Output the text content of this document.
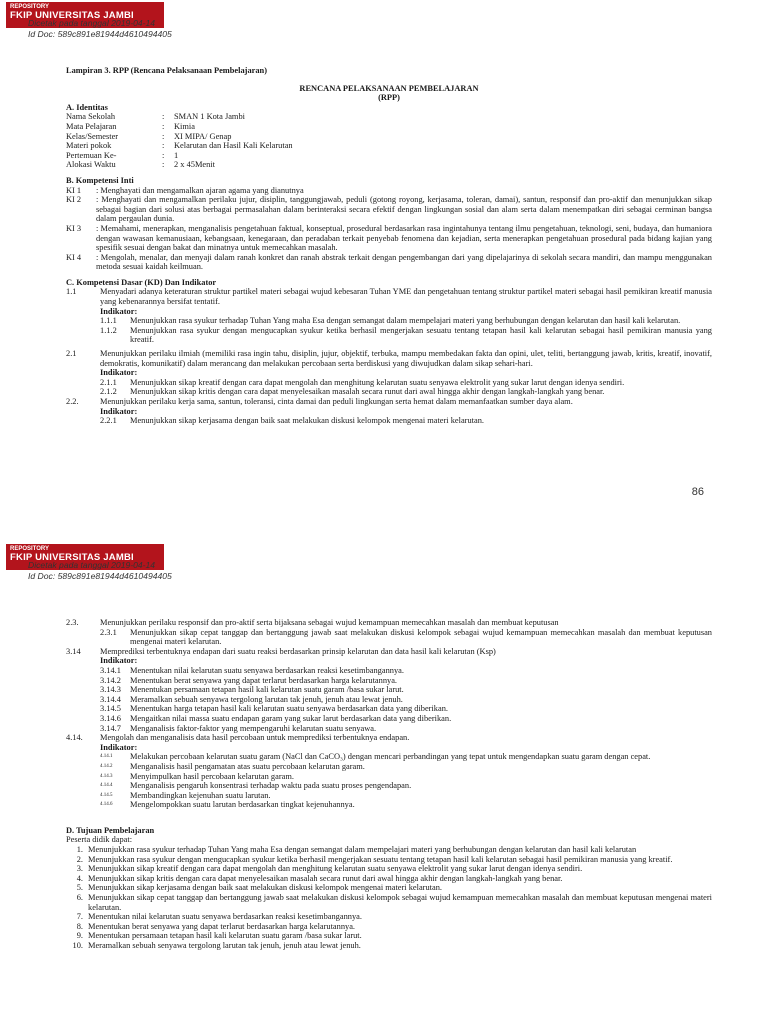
REPOSITORY
FKIP UNIVERSITAS JAMBI
Dicetak pada tanggal 2019-04-14
Id Doc: 589c891e81944d4610494405
Lampiran 3. RPP (Rencana Pelaksanaan Pembelajaran)
RENCANA PELAKSANAAN PEMBELAJARAN
(RPP)
A. Identitas
Nama Sekolah	:	SMAN 1 Kota Jambi
Mata Pelajaran	:	Kimia
Kelas/Semester	:	XI MIPA/ Genap
Materi pokok	:	Kelarutan dan Hasil Kali Kelarutan
Pertemuan Ke-	:	1
Alokasi Waktu	:	2 x 45Menit
B. Kompetensi Inti
KI 1	: Menghayati dan mengamalkan ajaran agama yang dianutnya
KI 2	: Menghayati dan mengamalkan perilaku jujur, disiplin, tanggungjawab, peduli (gotong royong, kerjasama, toleran, damai), santun, responsif dan pro-aktif dan menunjukkan sikap sebagai bagian dari solusi atas berbagai permasalahan dalam berinteraksi secara efektif dengan lingkungan sosial dan alam serta dalam menempatkan diri sebagai cerminan bangsa dalam pergaulan dunia.
KI 3	: Memahami, menerapkan, menganalisis pengetahuan faktual, konseptual, prosedural berdasarkan rasa ingintahunya tentang ilmu pengetahuan, teknologi, seni, budaya, dan humaniora dengan wawasan kemanusiaan, kebangsaan, kenegaraan, dan peradaban terkait penyebab fenomena dan kejadian, serta menerapkan pengetahuan prosedural pada bidang kajian yang spesifik sesuai dengan bakat dan minatnya untuk memecahkan masalah.
KI 4	: Mengolah, menalar, dan menyaji dalam ranah konkret dan ranah abstrak terkait dengan pengembangan dari yang dipelajarinya di sekolah secara mandiri, dan mampu menggunakan metoda sesuai kaidah keilmuan.
C. Kompetensi Dasar (KD) Dan Indikator
1.1	Menyadari adanya keteraturan struktur partikel materi sebagai wujud kebesaran Tuhan YME dan pengetahuan tentang struktur partikel materi sebagai hasil pemikiran kreatif manusia yang kebenarannya bersifat tentatif.
Indikator:
1.1.1	Menunjukkan rasa syukur terhadap Tuhan Yang maha Esa dengan semangat dalam mempelajari materi yang berhubungan dengan kelarutan dan hasil kali kelarutan.
1.1.2	Menunjukkan rasa syukur dengan mengucapkan syukur ketika berhasil mengerjakan sesuatu tentang tetapan hasil kali kelarutan sebagai hasil pemikiran manusia yang kreatif.
2.1	Menunjukkan perilaku ilmiah (memiliki rasa ingin tahu, disiplin, jujur, objektif, terbuka, mampu membedakan fakta dan opini, ulet, teliti, bertanggung jawab, kritis, kreatif, inovatif, demokratis, komunikatif) dalam merancang dan melakukan percobaan serta berdiskusi yang diwujudkan dalam sikap sehari-hari.
Indikator:
2.1.1	Menunjukkan sikap kreatif dengan cara dapat mengolah dan menghitung kelarutan suatu senyawa elektrolit yang sukar larut dengan idenya sendiri.
2.1.2	Menunjukkan sikap kritis dengan cara dapat menyelesaikan masalah secara runut dari awal hingga akhir dengan langkah-langkah yang benar.
2.2.	Menunjukkan perilaku kerja sama, santun, toleransi, cinta damai dan peduli lingkungan serta hemat dalam memanfaatkan sumber daya alam.
Indikator:
2.2.1	Menunjukkan sikap kerjasama dengan baik saat melakukan diskusi kelompok mengenai materi kelarutan.
86
REPOSITORY
FKIP UNIVERSITAS JAMBI
Dicetak pada tanggal 2019-04-14
Id Doc: 589c891e81944d4610494405
2.3.	Menunjukkan perilaku responsif dan pro-aktif serta bijaksana sebagai wujud kemampuan memecahkan masalah dan membuat keputusan
2.3.1	Menunjukkan sikap cepat tanggap dan bertanggung jawab saat melakukan diskusi kelompok sebagai wujud kemampuan memecahkan masalah dan membuat keputusan mengenai materi kelarutan.
3.14	Memprediksi terbentuknya endapan dari suatu reaksi berdasarkan prinsip kelarutan dan data hasil kali kelarutan (Ksp)
Indikator:
3.14.1	Menentukan nilai kelarutan suatu senyawa berdasarkan reaksi kesetimbangannya.
3.14.2	Menentukan berat senyawa yang dapat terlarut berdasarkan harga kelarutannya.
3.14.3	Menentukan persamaan tetapan hasil kali kelarutan suatu garam /basa sukar larut.
3.14.4	Meramalkan sebuah senyawa tergolong larutan tak jenuh, jenuh atau lewat jenuh.
3.14.5	Menentukan harga tetapan hasil kali kelarutan suatu senyawa berdasarkan data yang diberikan.
3.14.6	Mengaitkan nilai massa suatu endapan garam yang sukar larut berdasarkan data yang diberikan.
3.14.7	Menganalisis faktor-faktor yang mempengaruhi kelarutan suatu senyawa.
4.14.	Mengolah dan menganalisis data hasil percobaan untuk memprediksi terbentuknya endapan.
Indikator:
4.14.1	Melakukan percobaan kelarutan suatu garam (NaCl dan CaCO₃) dengan mencari perbandingan yang tepat untuk mengendapkan suatu garam dengan cepat.
4.14.2	Menganalisis hasil pengamatan atas suatu percobaan kelarutan garam.
4.14.3	Menyimpulkan hasil percobaan kelarutan garam.
4.14.4	Menganalisis pengaruh konsentrasi terhadap waktu pada suatu proses pengendapan.
4.14.5	Membandingkan kejenuhan suatu larutan.
4.14.6	Mengelompokkan suatu larutan berdasarkan tingkat kejenuhannya.
D. Tujuan Pembelajaran
Peserta didik dapat:
1. Menunjukkan rasa syukur terhadap Tuhan Yang maha Esa dengan semangat dalam mempelajari materi yang berhubungan dengan kelarutan dan hasil kali kelarutan
2. Menunjukkan rasa syukur dengan mengucapkan syukur ketika berhasil mengerjakan sesuatu tentang tetapan hasil kali kelarutan sebagai hasil pemikiran manusia yang kreatif.
3. Menunjukkan sikap kreatif dengan cara dapat mengolah dan menghitung kelarutan suatu senyawa elektrolit yang sukar larut dengan idenya sendiri.
4. Menunjukkan sikap kritis dengan cara dapat menyelesaikan masalah secara runut dari awal hingga akhir dengan langkah-langkah yang benar.
5. Menunjukkan sikap kerjasama dengan baik saat melakukan diskusi kelompok mengenai materi kelarutan.
6. Menunjukkan sikap cepat tanggap dan bertanggung jawab saat melakukan diskusi kelompok sebagai wujud kemampuan memecahkan masalah dan membuat keputusan mengenai materi kelarutan.
7. Menentukan nilai kelarutan suatu senyawa berdasarkan reaksi kesetimbangannya.
8. Menentukan berat senyawa yang dapat terlarut berdasarkan harga kelarutannya.
9. Menentukan persamaan tetapan hasil kali kelarutan suatu garam /basa sukar larut.
10. Meramalkan sebuah senyawa tergolong larutan tak jenuh, jenuh atau lewat jenuh.
